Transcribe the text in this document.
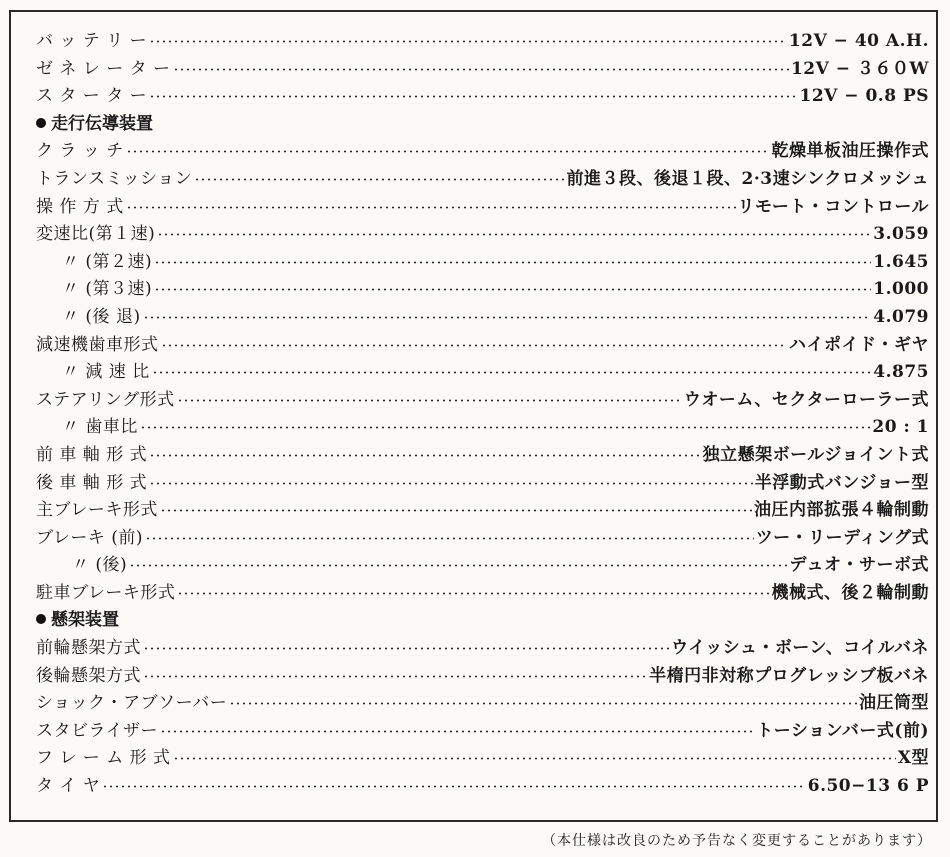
バ ッ テ リ ー	12V − 40 A.H.
ゼ ネ レ ー タ ー	12V − ３６０W
ス タ ー タ ー	12V − 0.8 PS
走行伝導装置
ク ラ ッ チ	乾燥単板油圧操作式
トランスミッション	前進３段、後退１段、2·3速シンクロメッシュ
操 作 方 式	リモート・コントロール
変速比(第１速)	3.059
〃 (第２速)	1.645
〃 (第３速)	1.000
〃 (後 退)	4.079
減速機歯車形式	ハイポイド・ギヤ
〃 減 速 比	4.875
ステアリング形式	ウオーム、セクターローラー式
〃 歯車比	20 : 1
前 車 軸 形 式	独立懸架ボールジョイント式
後 車 軸 形 式	半浮動式バンジョー型
主ブレーキ形式	油圧内部拡張４輪制動
ブレーキ (前)	ツー・リーディング式
〃 (後)	デュオ・サーボ式
駐車ブレーキ形式	機械式、後２輪制動
懸架装置
前輪懸架方式	ウイッシュ・ボーン、コイルバネ
後輪懸架方式	半楕円非対称プログレッシブ板バネ
ショック・アブソーバー	油圧筒型
スタビライザー	トーションバー式(前)
フ レ ー ム 形 式	X型
タ イ ヤ	6.50−13 6 P
（本仕様は改良のため予告なく変更することがあります）
